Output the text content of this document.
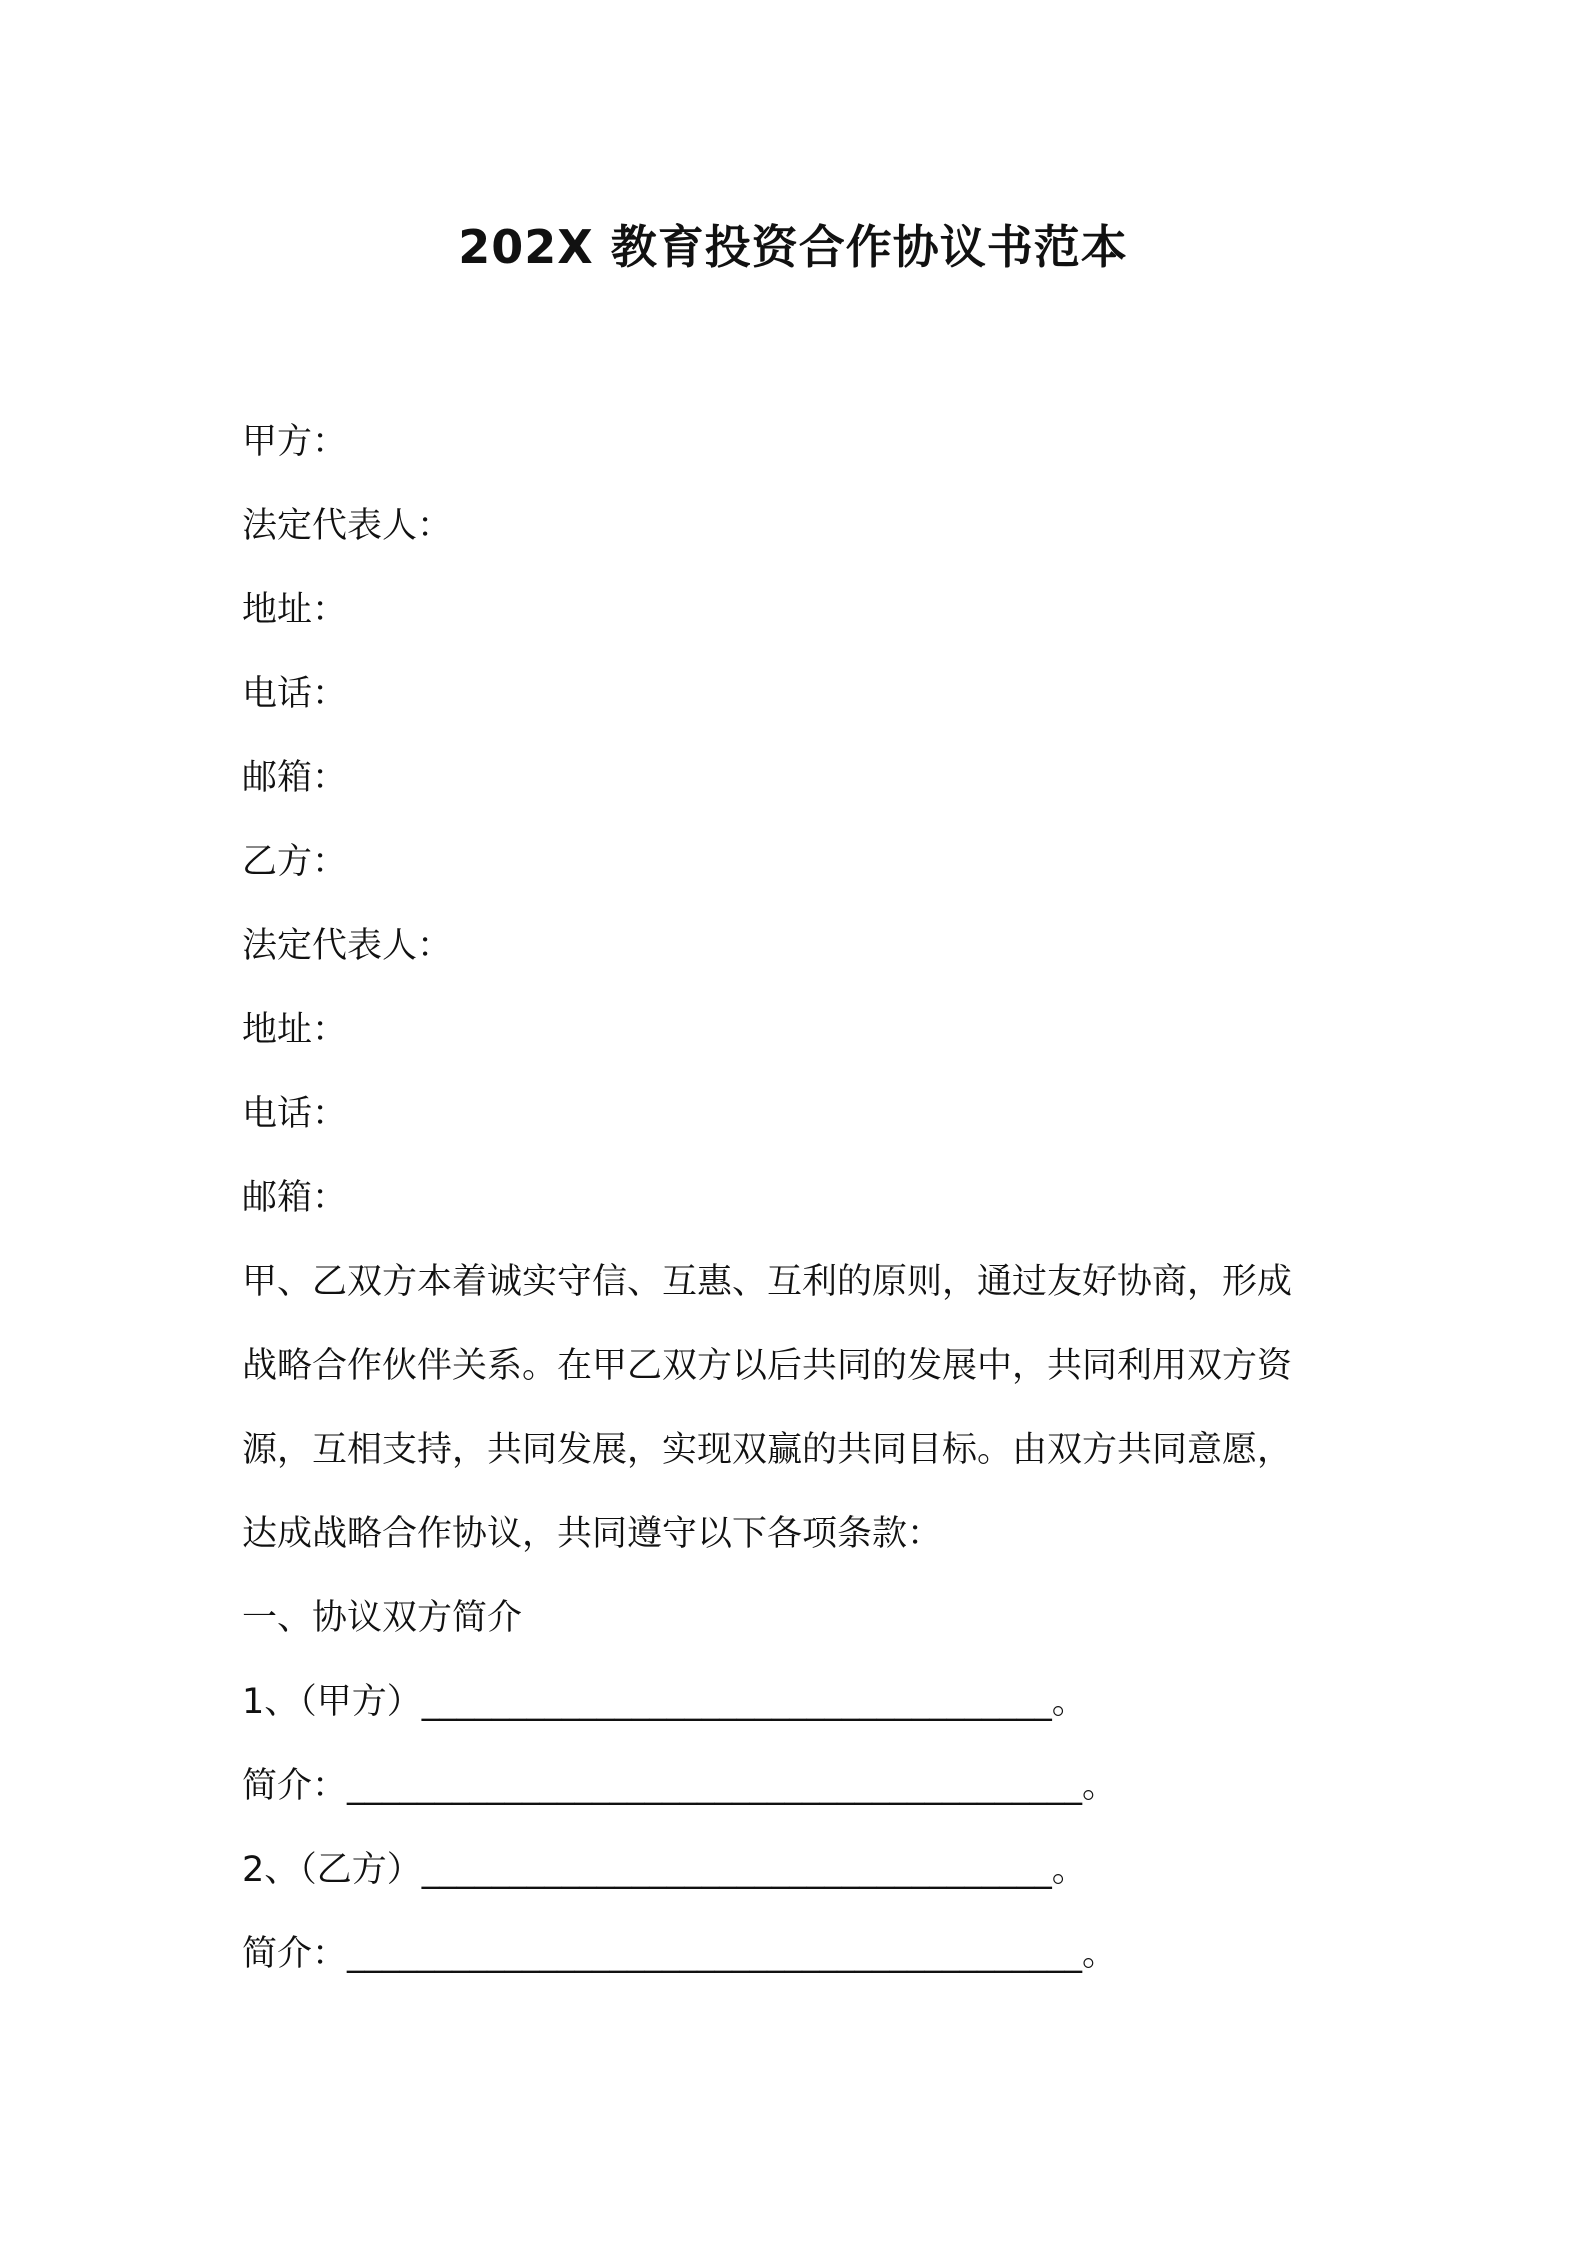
202X 教育投资合作协议书范本
甲方：
法定代表人：
地址：
电话：
邮箱：
乙方：
法定代表人：
地址：
电话：
邮箱：
甲、乙双方本着诚实守信、互惠、互利的原则，通过友好协商，形成
战略合作伙伴关系。在甲乙双方以后共同的发展中，共同利用双方资
源，互相支持，共同发展，实现双赢的共同目标。由双方共同意愿，
达成战略合作协议，共同遵守以下各项条款：
一、协议双方简介
1、（甲方）____________________________________。
简介：__________________________________________。
2、（乙方）____________________________________。
简介：__________________________________________。
